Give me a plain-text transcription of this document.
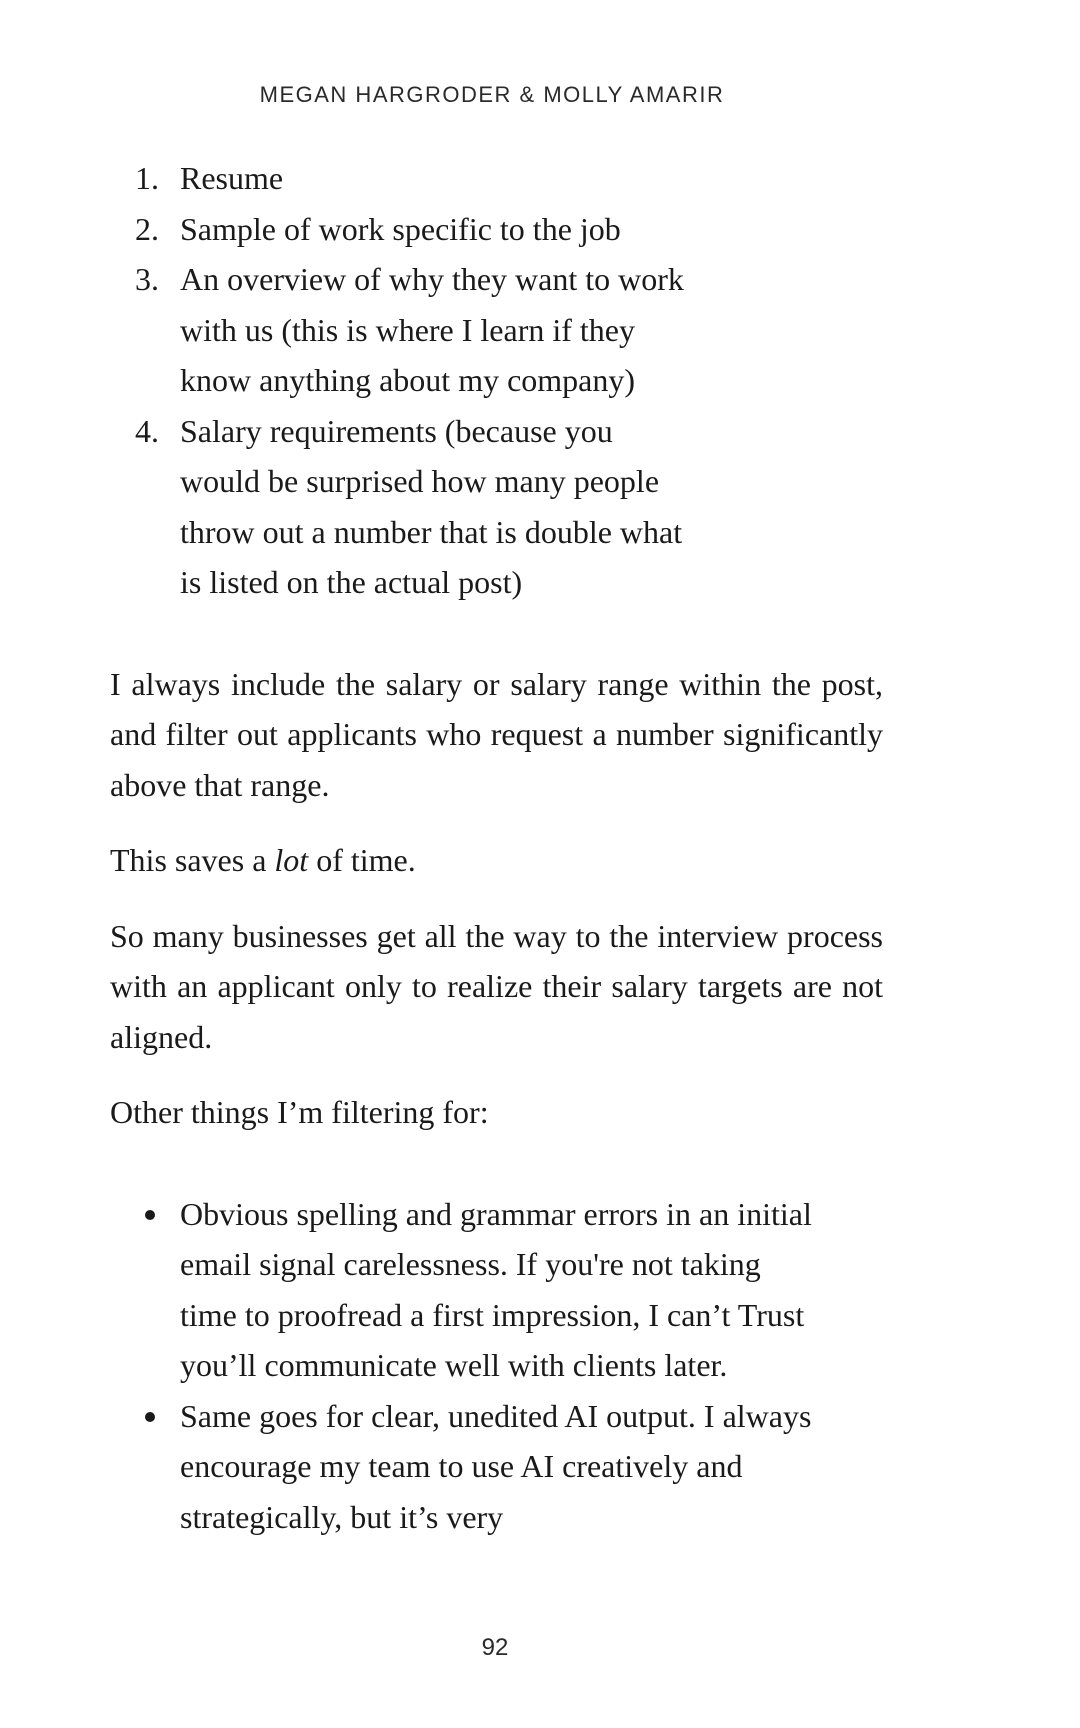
MEGAN HARGRODER & MOLLY AMARIR
1. Resume
2. Sample of work specific to the job
3. An overview of why they want to work with us (this is where I learn if they know anything about my company)
4. Salary requirements (because you would be surprised how many people throw out a number that is double what is listed on the actual post)

I always include the salary or salary range within the post, and filter out applicants who request a number significantly above that range.

This saves a lot of time.

So many businesses get all the way to the interview process with an applicant only to realize their salary targets are not aligned.

Other things I’m filtering for:

Obvious spelling and grammar errors in an initial email signal carelessness. If you're not taking time to proofread a first impression, I can’t Trust you’ll communicate well with clients later.
Same goes for clear, unedited AI output. I always encourage my team to use AI creatively and strategically, but it’s very
92
